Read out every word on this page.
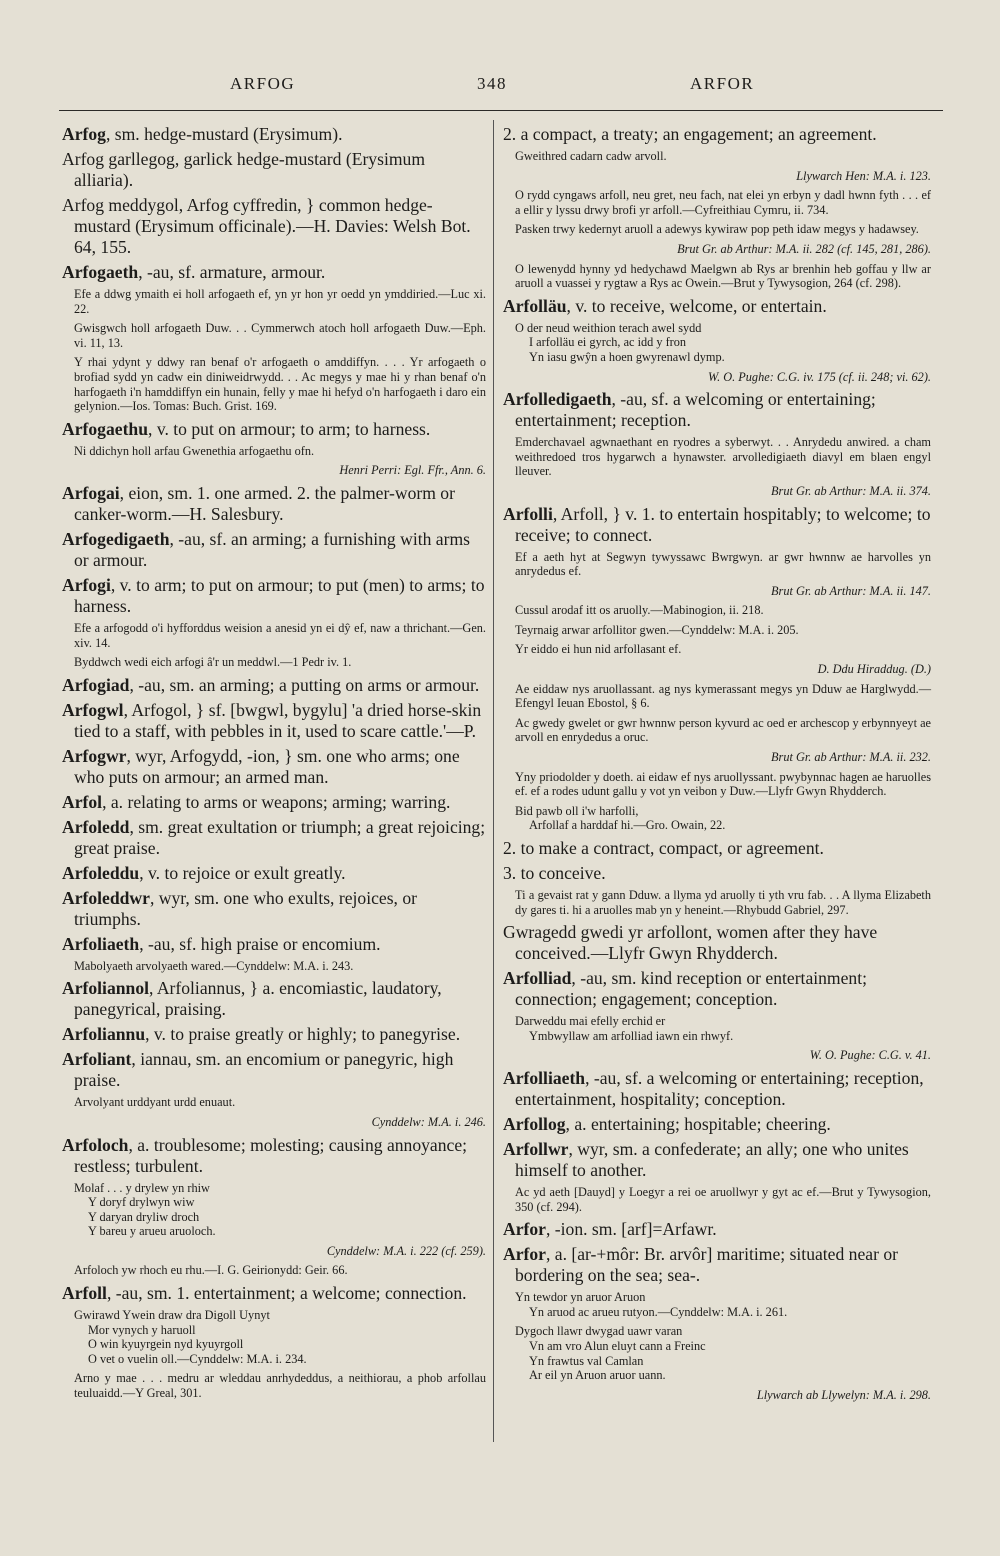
ARFOG	348	ARFOR
Arfog, sm. hedge-mustard (Erysimum).
Arfog garllegog, garlick hedge-mustard (Erysimum alliaria).
Arfog meddygol, Arfog cyffredin, } common hedge-mustard (Erysimum officinale).—H. Davies: Welsh Bot. 64, 155.
Arfogaeth, -au, sf. armature, armour.
Efe a ddwg ymaith ei holl arfogaeth ef, yn yr hon yr oedd yn ymddiried.—Luc xi. 22.
Gwisgwch holl arfogaeth Duw. . . Cymmerwch atoch holl arfogaeth Duw.—Eph. vi. 11, 13.
Y rhai ydynt y ddwy ran benaf o'r arfogaeth o amddiffyn. . . . Yr arfogaeth o brofiad sydd yn cadw ein diniweidrwydd. . . Ac megys y mae hi y rhan benaf o'n harfogaeth i'n hamddiffyn ein hunain, felly y mae hi hefyd o'n harfogaeth i daro ein gelynion.—Ios. Tomas: Buch. Grist. 169.
Arfogaethu, v. to put on armour; to arm; to harness.
Ni ddichyn holl arfau Gwenethia arfogaethu ofn.
Henri Perri: Egl. Ffr., Ann. 6.
Arfogai, eion, sm. 1. one armed. 2. the palmer-worm or canker-worm.—H. Salesbury.
Arfogedigaeth, -au, sf. an arming; a furnishing with arms or armour.
Arfogi, v. to arm; to put on armour; to put (men) to arms; to harness.
Efe a arfogodd o'i hyfforddus weision a anesid yn ei dŷ ef, naw a thrichant.—Gen. xiv. 14.
Byddwch wedi eich arfogi â'r un meddwl.—1 Pedr iv. 1.
Arfogiad, -au, sm. an arming; a putting on arms or armour.
Arfogwl, Arfogol, } sf. [bwgwl, bygylu] 'a dried horse-skin tied to a staff, with pebbles in it, used to scare cattle.'—P.
Arfogwr, wyr, Arfogydd, -ion, } sm. one who arms; one who puts on armour; an armed man.
Arfol, a. relating to arms or weapons; arming; warring.
Arfoledd, sm. great exultation or triumph; a great rejoicing; great praise.
Arfoleddu, v. to rejoice or exult greatly.
Arfoleddwr, wyr, sm. one who exults, rejoices, or triumphs.
Arfoliaeth, -au, sf. high praise or encomium.
Mabolyaeth arvolyaeth wared.—Cynddelw: M.A. i. 243.
Arfoliannol, Arfoliannus, } a. encomiastic, laudatory, panegyrical, praising.
Arfoliannu, v. to praise greatly or highly; to panegyrise.
Arfoliant, iannau, sm. an encomium or panegyric, high praise.
Arvolyant urddyant urdd enuaut.
Cynddelw: M.A. i. 246.
Arfoloch, a. troublesome; molesting; causing annoyance; restless; turbulent.

Molaf . . . y drylew yn rhiw

Y doryf drylwyn wiw

Y daryan dryliw droch

Y bareu y arueu aruoloch.

Cynddelw: M.A. i. 222 (cf. 259).
Arfoloch yw rhoch eu rhu.—I. G. Geirionydd: Geir. 66.
Arfoll, -au, sm. 1. entertainment; a welcome; connection.

Gwirawd Ywein draw dra Digoll Uynyt

Mor vynych y haruoll

O win kyuyrgein nyd kyuyrgoll

O vet o vuelin oll.—Cynddelw: M.A. i. 234.

Arno y mae . . . medru ar wleddau anrhydeddus, a neithiorau, a phob arfollau teuluaidd.—Y Greal, 301.
2. a compact, a treaty; an engagement; an agreement.
Gweithred cadarn cadw arvoll.
Llywarch Hen: M.A. i. 123.
O rydd cyngaws arfoll, neu gret, neu fach, nat elei yn erbyn y dadl hwnn fyth . . . ef a ellir y lyssu drwy brofi yr arfoll.—Cyfreithiau Cymru, ii. 734.
Pasken trwy kedernyt aruoll a adewys kywiraw pop peth idaw megys y hadawsey.
Brut Gr. ab Arthur: M.A. ii. 282 (cf. 145, 281, 286).
O lewenydd hynny yd hedychawd Maelgwn ab Rys ar brenhin heb goffau y llw ar aruoll a vuassei y rygtaw a Rys ac Owein.—Brut y Tywysogion, 264 (cf. 298).
Arfolläu, v. to receive, welcome, or entertain.

O der neud weithion terach awel sydd

I arfolläu ei gyrch, ac idd y fron

Yn iasu gwŷn a hoen gwyrenawl dymp.

W. O. Pughe: C.G. iv. 175 (cf. ii. 248; vi. 62).
Arfolledigaeth, -au, sf. a welcoming or entertaining; entertainment; reception.
Emderchavael agwnaethant en ryodres a syberwyt. . . Anrydedu anwired. a cham weithredoed tros hygarwch a hynawster. arvolledigiaeth diavyl em blaen engyl lleuver.
Brut Gr. ab Arthur: M.A. ii. 374.
Arfolli, Arfoll, } v. 1. to entertain hospitably; to welcome; to receive; to connect.
Ef a aeth hyt at Segwyn tywyssawc Bwrgwyn. ar gwr hwnnw ae harvolles yn anrydedus ef.
Brut Gr. ab Arthur: M.A. ii. 147.
Cussul arodaf itt os aruolly.—Mabinogion, ii. 218.
Teyrnaig arwar arfollitor gwen.—Cynddelw: M.A. i. 205.
Yr eiddo ei hun nid arfollasant ef.
D. Ddu Hiraddug. (D.)
Ae eiddaw nys aruollassant. ag nys kymerassant megys yn Dduw ae Harglwydd.—Efengyl Ieuan Ebostol, § 6.
Ac gwedy gwelet or gwr hwnnw person kyvurd ac oed er archescop y erbynnyeyt ae arvoll en enrydedus a oruc.
Brut Gr. ab Arthur: M.A. ii. 232.
Yny priodolder y doeth. ai eidaw ef nys aruollyssant. pwybynnac hagen ae haruolles ef. ef a rodes udunt gallu y vot yn veibon y Duw.—Llyfr Gwyn Rhydderch.

Bid pawb oll i'w harfolli,

Arfollaf a harddaf hi.—Gro. Owain, 22.

2. to make a contract, compact, or agreement.
3. to conceive.
Ti a gevaist rat y gann Dduw. a llyma yd aruolly ti yth vru fab. . . A llyma Elizabeth dy gares ti. hi a aruolles mab yn y heneint.—Rhybudd Gabriel, 297.
Gwragedd gwedi yr arfollont, women after they have conceived.—Llyfr Gwyn Rhydderch.
Arfolliad, -au, sm. kind reception or entertainment; connection; engagement; conception.

Darweddu mai efelly erchid er

Ymbwyllaw am arfolliad iawn ein rhwyf.

W. O. Pughe: C.G. v. 41.
Arfolliaeth, -au, sf. a welcoming or entertaining; reception, entertainment, hospitality; conception.
Arfollog, a. entertaining; hospitable; cheering.
Arfollwr, wyr, sm. a confederate; an ally; one who unites himself to another.
Ac yd aeth [Dauyd] y Loegyr a rei oe aruollwyr y gyt ac ef.—Brut y Tywysogion, 350 (cf. 294).
Arfor, -ion. sm. [arf]=Arfawr.
Arfor, a. [ar-+môr: Br. arvôr] maritime; situated near or bordering on the sea; sea-.

Yn tewdor yn aruor Aruon

Yn aruod ac arueu rutyon.—Cynddelw: M.A. i. 261.

Dygoch llawr dwygad uawr varan

Vn am vro Alun eluyt cann a Freinc

Yn frawtus val Camlan

Ar eil yn Aruon aruor uann.

Llywarch ab Llywelyn: M.A. i. 298.
